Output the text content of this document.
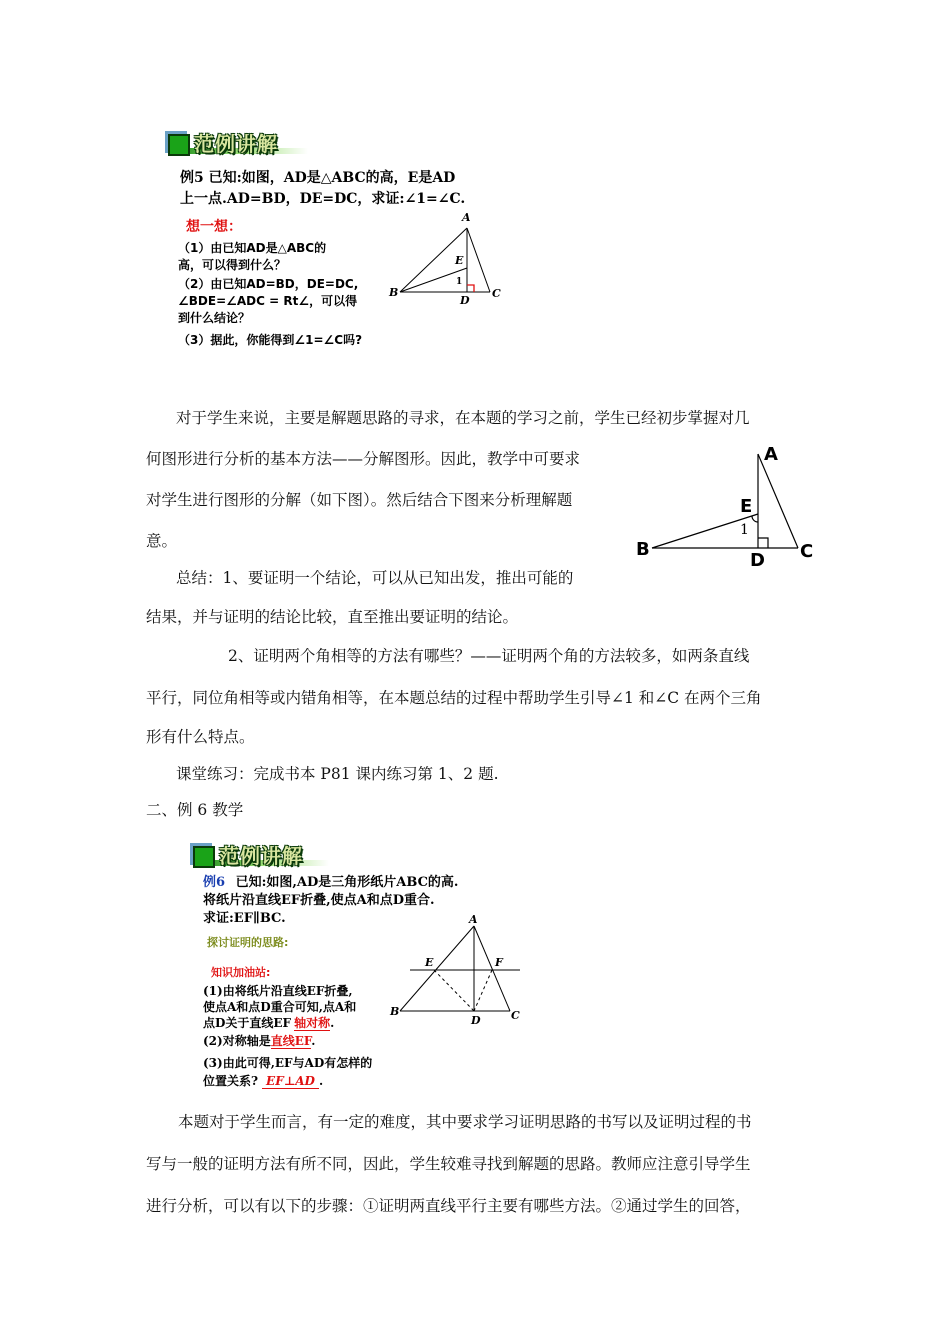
范例讲解
例5 已知:如图，AD是△ABC的高，E是AD
上一点.AD=BD，DE=DC，求证:∠1=∠C.
想一想：
（1）由已知AD是△ABC的
高，可以得到什么？
（2）由已知AD=BD，DE=DC,
∠BDE=∠ADC = Rt∠，可以得
到什么结论？
（3）据此，你能得到∠1=∠C吗?
A
B	C
D
E
1
对于学生来说，主要是解题思路的寻求，在本题的学习之前，学生已经初步掌握对几
何图形进行分析的基本方法——分解图形。因此，教学中可要求
对学生进行图形的分解（如下图）。然后结合下图来分析理解题
意。
总结：1、要证明一个结论，可以从已知出发，推出可能的
结果，并与证明的结论比较，直至推出要证明的结论。
2、证明两个角相等的方法有哪些？——证明两个角的方法较多，如两条直线
平行，同位角相等或内错角相等，在本题总结的过程中帮助学生引导∠1 和∠C 在两个三角
形有什么特点。
课堂练习：完成书本 P81 课内练习第 1、2 题.
二、例 6 教学
A
B	C
D
E
1
范例讲解
例6 已知:如图,AD是三角形纸片ABC的高.
将纸片沿直线EF折叠,使点A和点D重合.
求证:EF∥BC.
探讨证明的思路:
知识加油站:
(1)由将纸片沿直线EF折叠,
使点A和点D重合可知,点A和
点D关于直线EF 轴对称.
(2)对称轴是直线EF.
(3)由此可得,EF与AD有怎样的
位置关系? EF⊥AD .
A
B	C
D
E	F
本题对于学生而言，有一定的难度，其中要求学习证明思路的书写以及证明过程的书
写与一般的证明方法有所不同，因此，学生较难寻找到解题的思路。教师应注意引导学生
进行分析，可以有以下的步骤：①证明两直线平行主要有哪些方法。②通过学生的回答，
